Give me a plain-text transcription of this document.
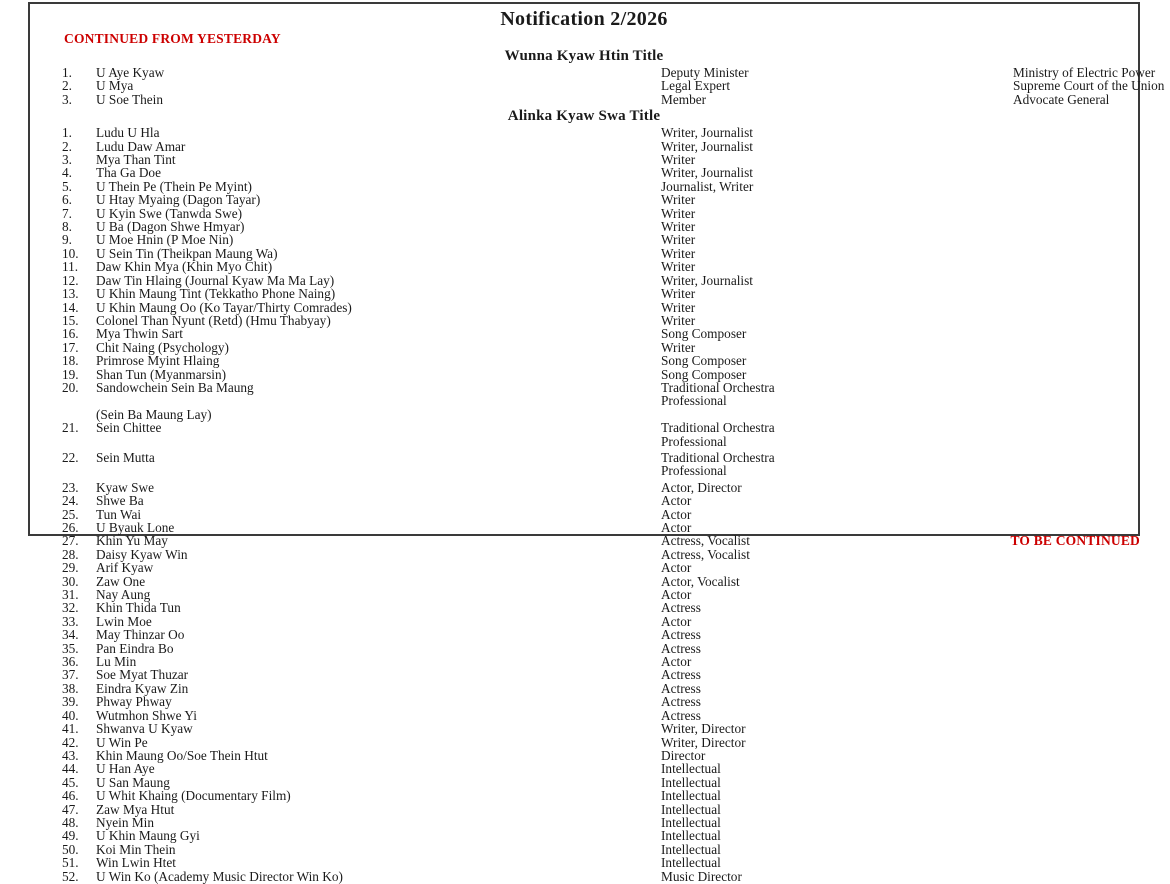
Notification 2/2026
CONTINUED FROM YESTERDAY
Wunna Kyaw Htin Title
1.	U Aye Kyaw	Deputy Minister	Ministry of Electric Power
2.	U Mya	Legal Expert	Supreme Court of the Union
3.	U Soe Thein	Member	Advocate General
Alinka Kyaw Swa Title
1.	Ludu U Hla	Writer, Journalist
2.	Ludu Daw Amar	Writer, Journalist
3.	Mya Than Tint	Writer
4.	Tha Ga Doe	Writer, Journalist
5.	U Thein Pe (Thein Pe Myint)	Journalist, Writer
6.	U Htay Myaing (Dagon Tayar)	Writer
7.	U Kyin Swe (Tanwda Swe)	Writer
8.	U Ba (Dagon Shwe Hmyar)	Writer
9.	U Moe Hnin (P Moe Nin)	Writer
10.	U Sein Tin (Theikpan Maung Wa)	Writer
11.	Daw Khin Mya (Khin Myo Chit)	Writer
12.	Daw Tin Hlaing (Journal Kyaw Ma Ma Lay)	Writer, Journalist
13.	U Khin Maung Tint (Tekkatho Phone Naing)	Writer
14.	U Khin Maung Oo (Ko Tayar/Thirty Comrades)	Writer
15.	Colonel Than Nyunt (Retd) (Hmu Thabyay)	Writer
16.	Mya Thwin Sart	Song Composer
17.	Chit Naing (Psychology)	Writer
18.	Primrose Myint Hlaing	Song Composer
19.	Shan Tun (Myanmarsin)	Song Composer
20.	Sandowchein Sein Ba Maung	Traditional Orchestra
Professional
(Sein Ba Maung Lay)
21.	Sein Chittee	Traditional Orchestra
Professional
22.	Sein Mutta	Traditional Orchestra
Professional
23.	Kyaw Swe	Actor, Director
24.	Shwe Ba	Actor
25.	Tun Wai	Actor
26.	U Byauk Lone	Actor
27.	Khin Yu May	Actress, Vocalist
28.	Daisy Kyaw Win	Actress, Vocalist
29.	Arif Kyaw	Actor
30.	Zaw One	Actor, Vocalist
31.	Nay Aung	Actor
32.	Khin Thida Tun	Actress
33.	Lwin Moe	Actor
34.	May Thinzar Oo	Actress
35.	Pan Eindra Bo	Actress
36.	Lu Min	Actor
37.	Soe Myat Thuzar	Actress
38.	Eindra Kyaw Zin	Actress
39.	Phway Phway	Actress
40.	Wutmhon Shwe Yi	Actress
41.	Shwanva U Kyaw	Writer, Director
42.	U Win Pe	Writer, Director
43.	Khin Maung Oo/Soe Thein Htut	Director
44.	U Han Aye	Intellectual
45.	U San Maung	Intellectual
46.	U Whit Khaing (Documentary Film)	Intellectual
47.	Zaw Mya Htut	Intellectual
48.	Nyein Min	Intellectual
49.	U Khin Maung Gyi	Intellectual
50.	Koi Min Thein	Intellectual
51.	Win Lwin Htet	Intellectual
52.	U Win Ko (Academy Music Director Win Ko)	Music Director
TO BE CONTINUED
